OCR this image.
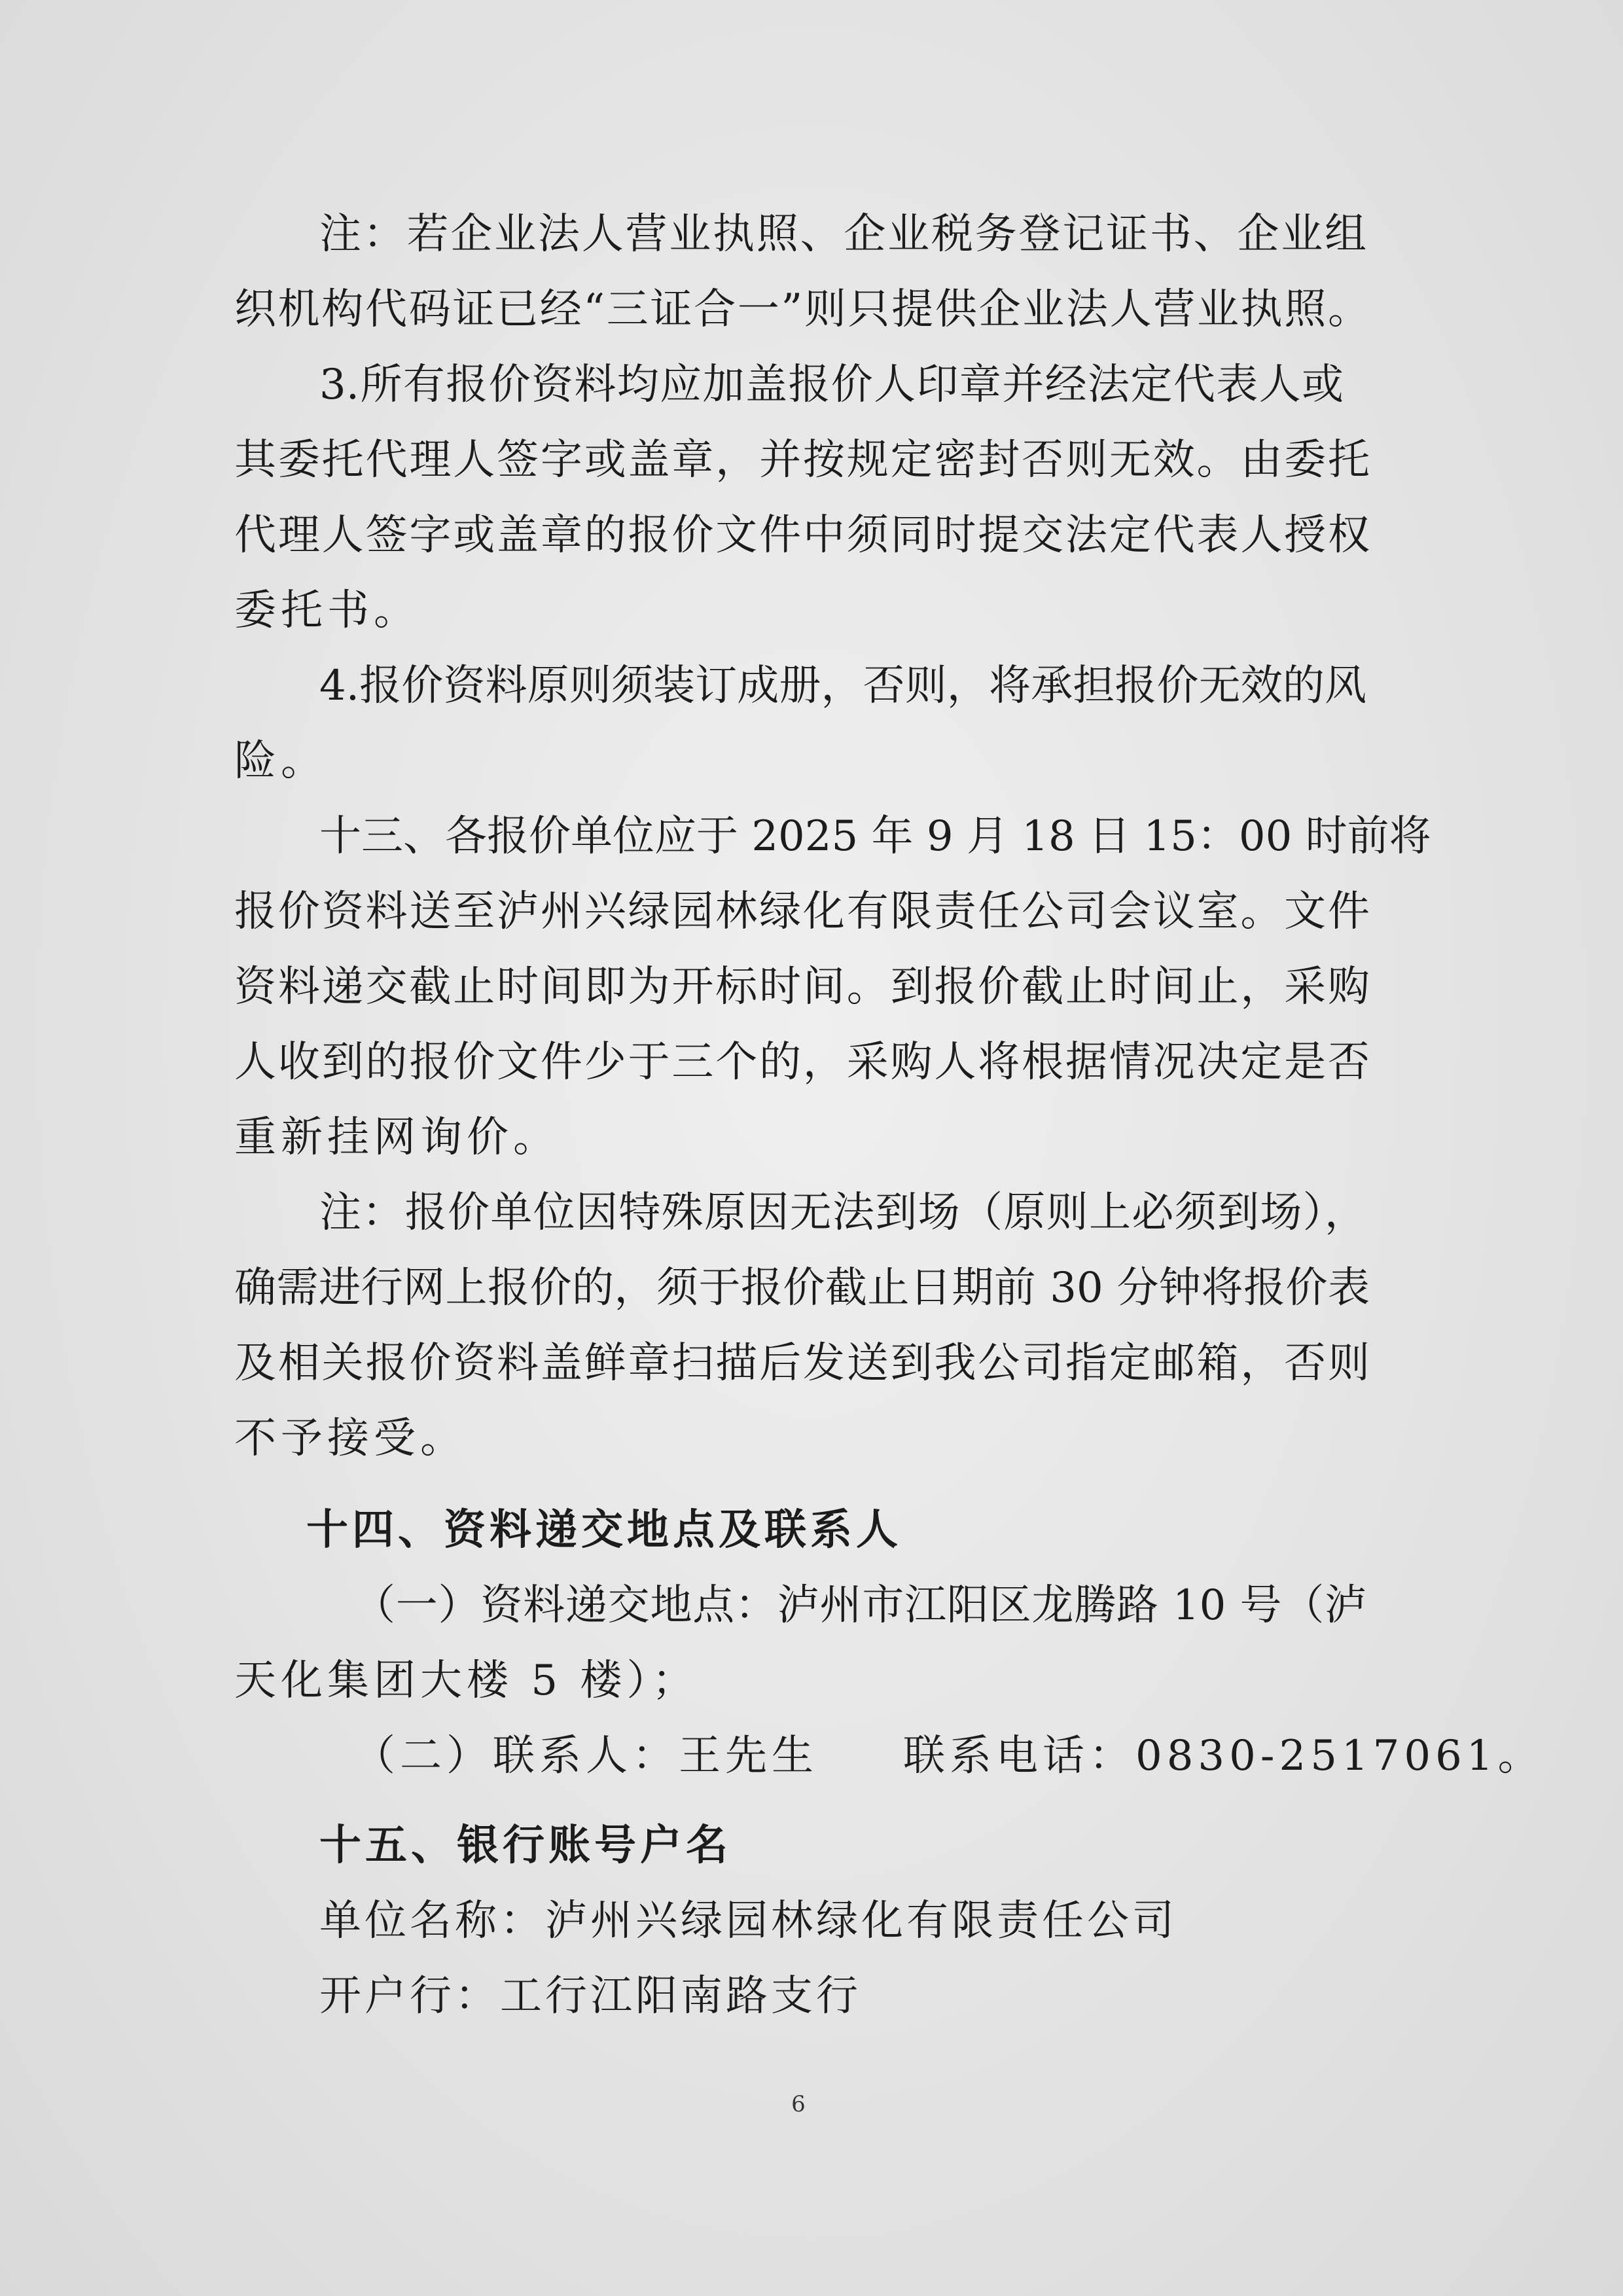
注：若企业法人营业执照、企业税务登记证书、企业组
织机构代码证已经“三证合一”则只提供企业法人营业执照。
3.所有报价资料均应加盖报价人印章并经法定代表人或
其委托代理人签字或盖章，并按规定密封否则无效。由委托
代理人签字或盖章的报价文件中须同时提交法定代表人授权
委托书。
4.报价资料原则须装订成册，否则，将承担报价无效的风
险。
十三、各报价单位应于 2025 年 9 月 18 日 15：00 时前将
报价资料送至泸州兴绿园林绿化有限责任公司会议室。文件
资料递交截止时间即为开标时间。到报价截止时间止，采购
人收到的报价文件少于三个的，采购人将根据情况决定是否
重新挂网询价。
注：报价单位因特殊原因无法到场（原则上必须到场），
确需进行网上报价的，须于报价截止日期前 30 分钟将报价表
及相关报价资料盖鲜章扫描后发送到我公司指定邮箱，否则
不予接受。
十四、资料递交地点及联系人
（一）资料递交地点：泸州市江阳区龙腾路 10 号（泸
天化集团大楼 5 楼）；
（二）联系人：王先生 联系电话：0830-2517061。
十五、银行账号户名
单位名称：泸州兴绿园林绿化有限责任公司
开户行：工行江阳南路支行
6
